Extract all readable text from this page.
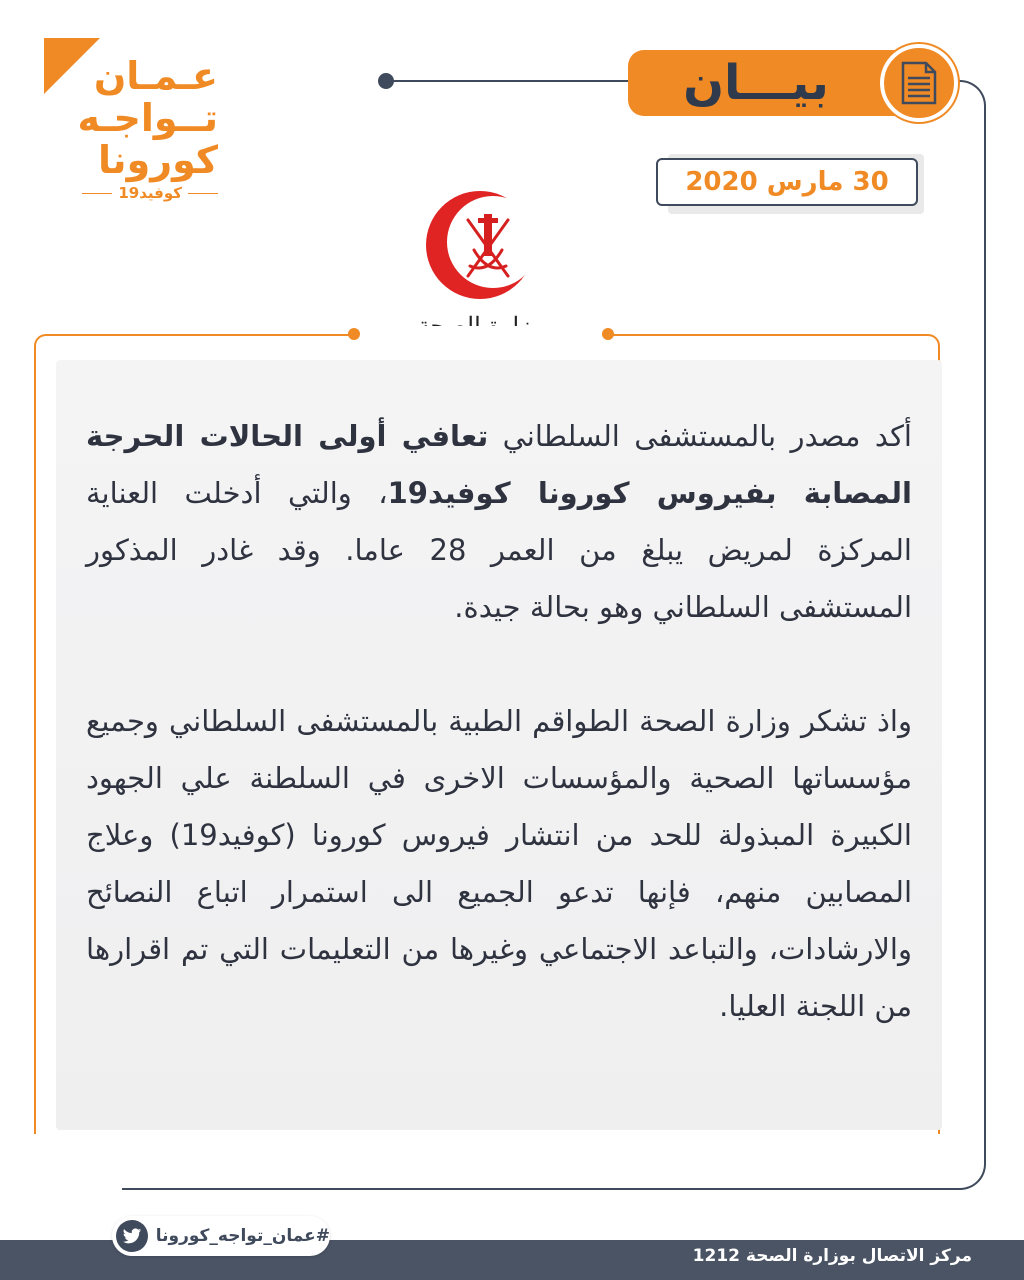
عـمـان
تــواجـه
كورونا
كوفيد19
بيـــان
30 مارس 2020

أكد مصدر بالمستشفى السلطاني تعافي أولى الحالات الحرجة المصابة بفيروس كورونا كوفيد19، والتي أدخلت العناية المركزة لمريض يبلغ من العمر 28 عاما. وقد غادر المذكور المستشفى السلطاني وهو بحالة جيدة.

واذ تشكر وزارة الصحة الطواقم الطبية بالمستشفى السلطاني وجميع مؤسساتها الصحية والمؤسسات الاخرى في السلطنة علي الجهود الكبيرة المبذولة للحد من انتشار فيروس كورونا (كوفيد19) وعلاج المصابين منهم، فإنها تدعو الجميع الى استمرار اتباع النصائح والارشادات، والتباعد الاجتماعي وغيرها من التعليمات التي تم اقرارها من اللجنة العليا.

مركز الاتصال بوزارة الصحة 1212
#عمان_تواجه_كورونا
